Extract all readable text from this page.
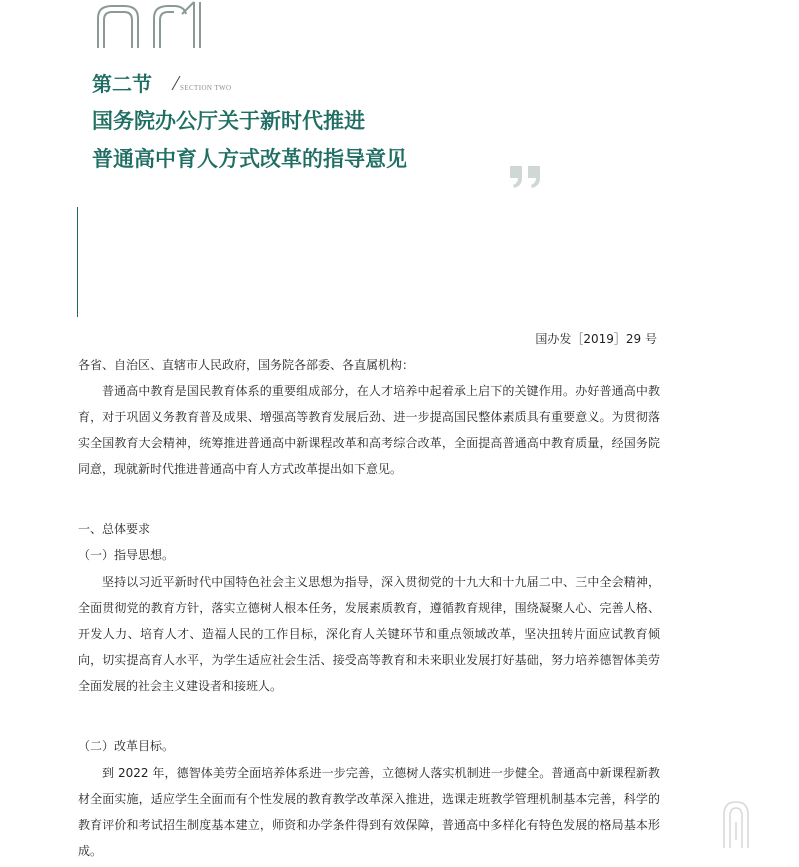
第二节	SECTION TWO
国务院办公厅关于新时代推进
普通高中育人方式改革的指导意见
国办发［2019］29 号

各省、自治区、直辖市人民政府，国务院各部委、各直属机构：

普通高中教育是国民教育体系的重要组成部分，在人才培养中起着承上启下的关键作用。办好普通高中教育，对于巩固义务教育普及成果、增强高等教育发展后劲、进一步提高国民整体素质具有重要意义。为贯彻落实全国教育大会精神，统筹推进普通高中新课程改革和高考综合改革，全面提高普通高中教育质量，经国务院同意，现就新时代推进普通高中育人方式改革提出如下意见。

一、总体要求

（一）指导思想。

坚持以习近平新时代中国特色社会主义思想为指导，深入贯彻党的十九大和十九届二中、三中全会精神，全面贯彻党的教育方针，落实立德树人根本任务，发展素质教育，遵循教育规律，围绕凝聚人心、完善人格、开发人力、培育人才、造福人民的工作目标，深化育人关键环节和重点领域改革，坚决扭转片面应试教育倾向，切实提高育人水平，为学生适应社会生活、接受高等教育和未来职业发展打好基础，努力培养德智体美劳全面发展的社会主义建设者和接班人。

（二）改革目标。

到 2022 年，德智体美劳全面培养体系进一步完善，立德树人落实机制进一步健全。普通高中新课程新教材全面实施，适应学生全面而有个性发展的教育教学改革深入推进，选课走班教学管理机制基本完善，科学的教育评价和考试招生制度基本建立，师资和办学条件得到有效保障，普通高中多样化有特色发展的格局基本形成。
